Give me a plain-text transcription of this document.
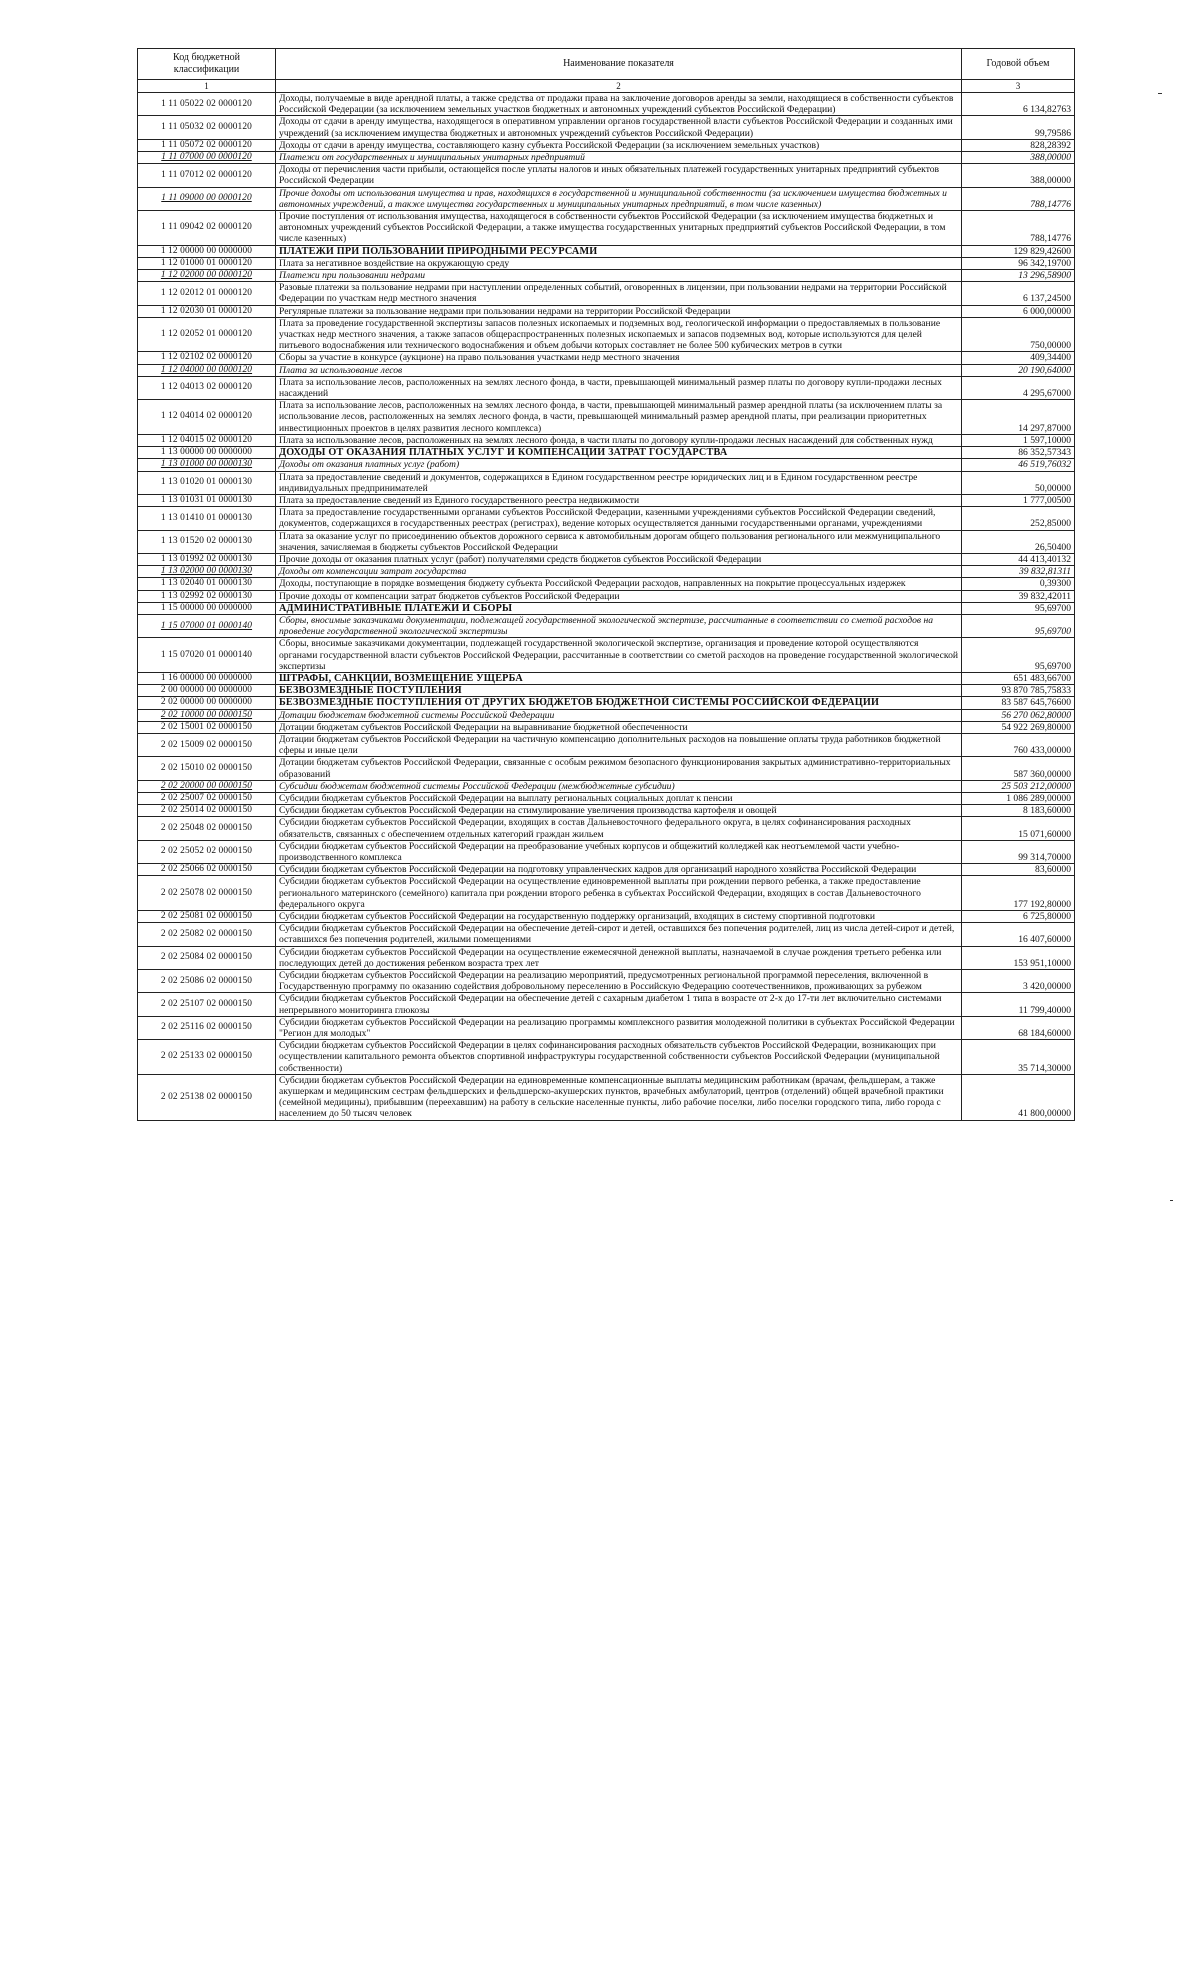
Код бюджетной классификации	Наименование показателя	Годовой объем
1	2	3
1 11 05022 02 0000120	Доходы, получаемые в виде арендной платы, а также средства от продажи права на заключение договоров аренды за земли, находящиеся в собственности субъектов Российской Федерации (за исключением земельных участков бюджетных и автономных учреждений субъектов Российской Федерации)	6 134,82763
1 11 05032 02 0000120	Доходы от сдачи в аренду имущества, находящегося в оперативном управлении органов государственной власти субъектов Российской Федерации и созданных ими учреждений (за исключением имущества бюджетных и автономных учреждений субъектов Российской Федерации)	99,79586
1 11 05072 02 0000120	Доходы от сдачи в аренду имущества, составляющего казну субъекта Российской Федерации (за исключением земельных участков)	828,28392
1 11 07000 00 0000120	Платежи от государственных и муниципальных унитарных предприятий	388,00000
1 11 07012 02 0000120	Доходы от перечисления части прибыли, остающейся после уплаты налогов и иных обязательных платежей государственных унитарных предприятий субъектов Российской Федерации	388,00000
1 11 09000 00 0000120	Прочие доходы от использования имущества и прав, находящихся в государственной и муниципальной собственности (за исключением имущества бюджетных и автономных учреждений, а также имущества государственных и муниципальных унитарных предприятий, в том числе казенных)	788,14776
1 11 09042 02 0000120	Прочие поступления от использования имущества, находящегося в собственности субъектов Российской Федерации (за исключением имущества бюджетных и автономных учреждений субъектов Российской Федерации, а также имущества государственных унитарных предприятий субъектов Российской Федерации, в том числе казенных)	788,14776
1 12 00000 00 0000000	ПЛАТЕЖИ ПРИ ПОЛЬЗОВАНИИ ПРИРОДНЫМИ РЕСУРСАМИ	129 829,42600
1 12 01000 01 0000120	Плата за негативное воздействие на окружающую среду	96 342,19700
1 12 02000 00 0000120	Платежи при пользовании недрами	13 296,58900
1 12 02012 01 0000120	Разовые платежи за пользование недрами при наступлении определенных событий, оговоренных в лицензии, при пользовании недрами на территории Российской Федерации по участкам недр местного значения	6 137,24500
1 12 02030 01 0000120	Регулярные платежи за пользование недрами при пользовании недрами на территории Российской Федерации	6 000,00000
1 12 02052 01 0000120	Плата за проведение государственной экспертизы запасов полезных ископаемых и подземных вод, геологической информации о предоставляемых в пользование участках недр местного значения, а также запасов общераспространенных полезных ископаемых и запасов подземных вод, которые используются для целей питьевого водоснабжения или технического водоснабжения и объем добычи которых составляет не более 500 кубических метров в сутки	750,00000
1 12 02102 02 0000120	Сборы за участие в конкурсе (аукционе) на право пользования участками недр местного значения	409,34400
1 12 04000 00 0000120	Плата за использование лесов	20 190,64000
1 12 04013 02 0000120	Плата за использование лесов, расположенных на землях лесного фонда, в части, превышающей минимальный размер платы по договору купли-продажи лесных насаждений	4 295,67000
1 12 04014 02 0000120	Плата за использование лесов, расположенных на землях лесного фонда, в части, превышающей минимальный размер арендной платы (за исключением платы за использование лесов, расположенных на землях лесного фонда, в части, превышающей минимальный размер арендной платы, при реализации приоритетных инвестиционных проектов в целях развития лесного комплекса)	14 297,87000
1 12 04015 02 0000120	Плата за использование лесов, расположенных на землях лесного фонда, в части платы по договору купли-продажи лесных насаждений для собственных нужд	1 597,10000
1 13 00000 00 0000000	ДОХОДЫ ОТ ОКАЗАНИЯ ПЛАТНЫХ УСЛУГ И КОМПЕНСАЦИИ ЗАТРАТ ГОСУДАРСТВА	86 352,57343
1 13 01000 00 0000130	Доходы от оказания платных услуг (работ)	46 519,76032
1 13 01020 01 0000130	Плата за предоставление сведений и документов, содержащихся в Едином государственном реестре юридических лиц и в Едином государственном реестре индивидуальных предпринимателей	50,00000
1 13 01031 01 0000130	Плата за предоставление сведений из Единого государственного реестра недвижимости	1 777,00500
1 13 01410 01 0000130	Плата за предоставление государственными органами субъектов Российской Федерации, казенными учреждениями субъектов Российской Федерации сведений, документов, содержащихся в государственных реестрах (регистрах), ведение которых осуществляется данными государственными органами, учреждениями	252,85000
1 13 01520 02 0000130	Плата за оказание услуг по присоединению объектов дорожного сервиса к автомобильным дорогам общего пользования регионального или межмуниципального значения, зачисляемая в бюджеты субъектов Российской Федерации	26,50400
1 13 01992 02 0000130	Прочие доходы от оказания платных услуг (работ) получателями средств бюджетов субъектов Российской Федерации	44 413,40132
1 13 02000 00 0000130	Доходы от компенсации затрат государства	39 832,81311
1 13 02040 01 0000130	Доходы, поступающие в порядке возмещения бюджету субъекта Российской Федерации расходов, направленных на покрытие процессуальных издержек	0,39300
1 13 02992 02 0000130	Прочие доходы от компенсации затрат бюджетов субъектов Российской Федерации	39 832,42011
1 15 00000 00 0000000	АДМИНИСТРАТИВНЫЕ ПЛАТЕЖИ И СБОРЫ	95,69700
1 15 07000 01 0000140	Сборы, вносимые заказчиками документации, подлежащей государственной экологической экспертизе, рассчитанные в соответствии со сметой расходов на проведение государственной экологической экспертизы	95,69700
1 15 07020 01 0000140	Сборы, вносимые заказчиками документации, подлежащей государственной экологической экспертизе, организация и проведение которой осуществляются органами государственной власти субъектов Российской Федерации, рассчитанные в соответствии со сметой расходов на проведение государственной экологической экспертизы	95,69700
1 16 00000 00 0000000	ШТРАФЫ, САНКЦИИ, ВОЗМЕЩЕНИЕ УЩЕРБА	651 483,66700
2 00 00000 00 0000000	БЕЗВОЗМЕЗДНЫЕ ПОСТУПЛЕНИЯ	93 870 785,75833
2 02 00000 00 0000000	БЕЗВОЗМЕЗДНЫЕ ПОСТУПЛЕНИЯ ОТ ДРУГИХ БЮДЖЕТОВ БЮДЖЕТНОЙ СИСТЕМЫ РОССИЙСКОЙ ФЕДЕРАЦИИ	83 587 645,76600
2 02 10000 00 0000150	Дотации бюджетам бюджетной системы Российской Федерации	56 270 062,80000
2 02 15001 02 0000150	Дотации бюджетам субъектов Российской Федерации на выравнивание бюджетной обеспеченности	54 922 269,80000
2 02 15009 02 0000150	Дотации бюджетам субъектов Российской Федерации на частичную компенсацию дополнительных расходов на повышение оплаты труда работников бюджетной сферы и иные цели	760 433,00000
2 02 15010 02 0000150	Дотации бюджетам субъектов Российской Федерации, связанные с особым режимом безопасного функционирования закрытых административно-территориальных образований	587 360,00000
2 02 20000 00 0000150	Субсидии бюджетам бюджетной системы Российской Федерации (межбюджетные субсидии)	25 503 212,00000
2 02 25007 02 0000150	Субсидии бюджетам субъектов Российской Федерации на выплату региональных социальных доплат к пенсии	1 086 289,00000
2 02 25014 02 0000150	Субсидии бюджетам субъектов Российской Федерации на стимулирование увеличения производства картофеля и овощей	8 183,60000
2 02 25048 02 0000150	Субсидии бюджетам субъектов Российской Федерации, входящих в состав Дальневосточного федерального округа, в целях софинансирования расходных обязательств, связанных с обеспечением отдельных категорий граждан жильем	15 071,60000
2 02 25052 02 0000150	Субсидии бюджетам субъектов Российской Федерации на преобразование учебных корпусов и общежитий колледжей как неотъемлемой части учебно-производственного комплекса	99 314,70000
2 02 25066 02 0000150	Субсидии бюджетам субъектов Российской Федерации на подготовку управленческих кадров для организаций народного хозяйства Российской Федерации	83,60000
2 02 25078 02 0000150	Субсидии бюджетам субъектов Российской Федерации на осуществление единовременной выплаты при рождении первого ребенка, а также предоставление регионального материнского (семейного) капитала при рождении второго ребенка в субъектах Российской Федерации, входящих в состав Дальневосточного федерального округа	177 192,80000
2 02 25081 02 0000150	Субсидии бюджетам субъектов Российской Федерации на государственную поддержку организаций, входящих в систему спортивной подготовки	6 725,80000
2 02 25082 02 0000150	Субсидии бюджетам субъектов Российской Федерации на обеспечение детей-сирот и детей, оставшихся без попечения родителей, лиц из числа детей-сирот и детей, оставшихся без попечения родителей, жилыми помещениями	16 407,60000
2 02 25084 02 0000150	Субсидии бюджетам субъектов Российской Федерации на осуществление ежемесячной денежной выплаты, назначаемой в случае рождения третьего ребенка или последующих детей до достижения ребенком возраста трех лет	153 951,10000
2 02 25086 02 0000150	Субсидии бюджетам субъектов Российской Федерации на реализацию мероприятий, предусмотренных региональной программой переселения, включенной в Государственную программу по оказанию содействия добровольному переселению в Российскую Федерацию соотечественников, проживающих за рубежом	3 420,00000
2 02 25107 02 0000150	Субсидии бюджетам субъектов Российской Федерации на обеспечение детей с сахарным диабетом 1 типа в возрасте от 2-х до 17-ти лет включительно системами непрерывного мониторинга глюкозы	11 799,40000
2 02 25116 02 0000150	Субсидии бюджетам субъектов Российской Федерации на реализацию программы комплексного развития молодежной политики в субъектах Российской Федерации "Регион для молодых"	68 184,60000
2 02 25133 02 0000150	Субсидии бюджетам субъектов Российской Федерации в целях софинансирования расходных обязательств субъектов Российской Федерации, возникающих при осуществлении капитального ремонта объектов спортивной инфраструктуры государственной собственности субъектов Российской Федерации (муниципальной собственности)	35 714,30000
2 02 25138 02 0000150	Субсидии бюджетам субъектов Российской Федерации на единовременные компенсационные выплаты медицинским работникам (врачам, фельдшерам, а также акушеркам и медицинским сестрам фельдшерских и фельдшерско-акушерских пунктов, врачебных амбулаторий, центров (отделений) общей врачебной практики (семейной медицины), прибывшим (переехавшим) на работу в сельские населенные пункты, либо рабочие поселки, либо поселки городского типа, либо города с населением до 50 тысяч человек	41 800,00000
